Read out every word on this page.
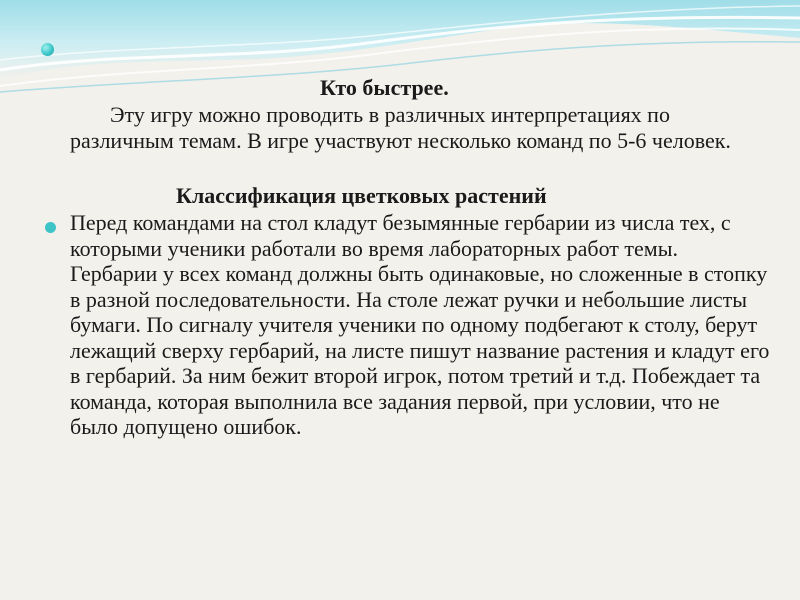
Кто быстрее.
Эту игру можно проводить в различных интерпретациях по различным темам. В игре участвуют несколько команд по 5-6 человек.
Классификация цветковых растений
Перед командами на стол кладут безымянные гербарии из числа тех, с которыми ученики работали во время лабораторных работ темы. Гербарии у всех команд должны быть одинаковые, но сложенные в стопку в разной последовательности. На столе лежат ручки и небольшие листы бумаги. По сигналу учителя ученики по одному подбегают к столу, берут лежащий сверху гербарий, на листе пишут название растения и кладут его в гербарий. За ним бежит второй игрок, потом третий и т.д. Побеждает та команда, которая выполнила все задания первой, при условии, что не было допущено ошибок.
